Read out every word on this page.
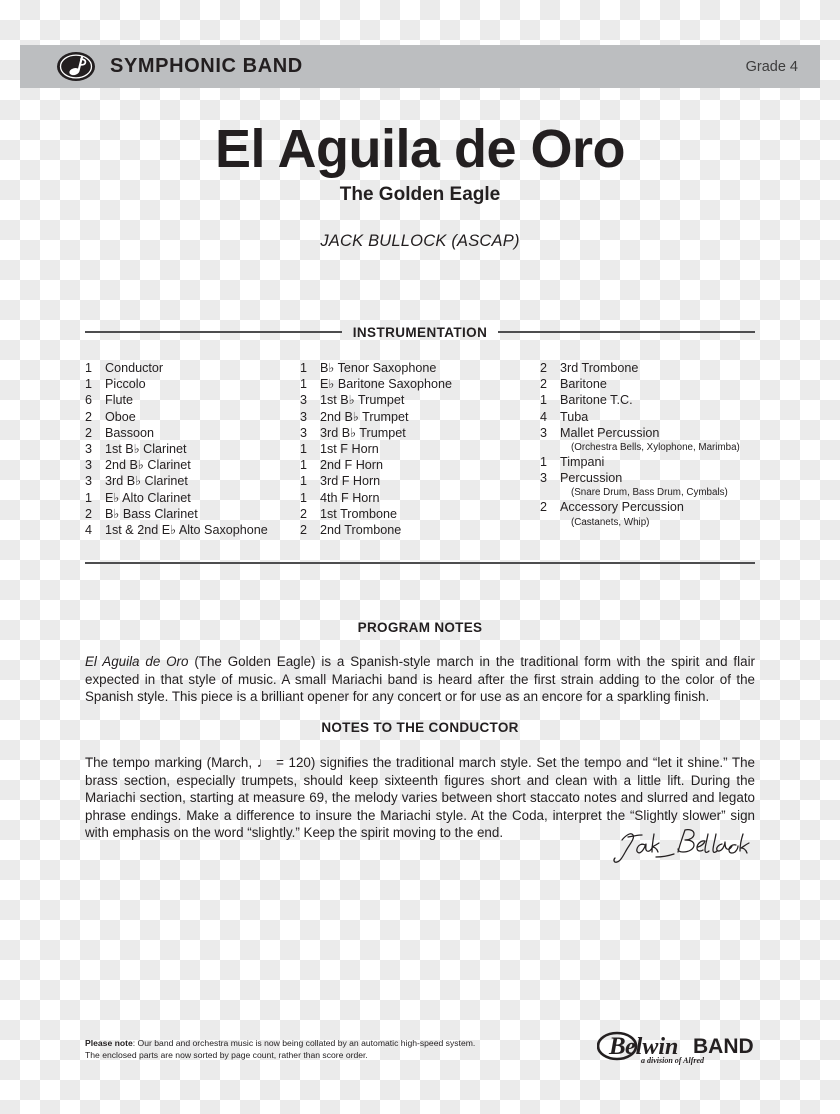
SYMPHONIC BAND	Grade 4
El Aguila de Oro
The Golden Eagle
JACK BULLOCK (ASCAP)
INSTRUMENTATION
1	Conductor
1	Piccolo
6	Flute
2	Oboe
2	Bassoon
3	1st B♭ Clarinet
3	2nd B♭ Clarinet
3	3rd B♭ Clarinet
1	E♭ Alto Clarinet
2	B♭ Bass Clarinet
4	1st & 2nd E♭ Alto Saxophone
1	B♭ Tenor Saxophone
1	E♭ Baritone Saxophone
3	1st B♭ Trumpet
3	2nd B♭ Trumpet
3	3rd B♭ Trumpet
1	1st F Horn
1	2nd F Horn
1	3rd F Horn
1	4th F Horn
2	1st Trombone
2	2nd Trombone
2	3rd Trombone
2	Baritone
1	Baritone T.C.
4	Tuba
3	Mallet Percussion
(Orchestra Bells, Xylophone, Marimba)
1	Timpani
3	Percussion
(Snare Drum, Bass Drum, Cymbals)
2	Accessory Percussion
(Castanets, Whip)
PROGRAM NOTES
El Aguila de Oro (The Golden Eagle) is a Spanish-style march in the traditional form with the spirit and flair expected in that style of music. A small Mariachi band is heard after the first strain adding to the color of the Spanish style. This piece is a brilliant opener for any concert or for use as an encore for a sparkling finish.
NOTES TO THE CONDUCTOR
The tempo marking (March, ♩ = 120) signifies the traditional march style. Set the tempo and “let it shine.” The brass section, especially trumpets, should keep sixteenth figures short and clean with a little lift. During the Mariachi section, starting at measure 69, the melody varies between short staccato notes and slurred and legato phrase endings. Make a difference to insure the Mariachi style. At the Coda, interpret the “Slightly slower” sign with emphasis on the word “slightly.” Keep the spirit moving to the end.
Please note: Our band and orchestra music is now being collated by an automatic high-speed system.
The enclosed parts are now sorted by page count, rather than score order.	B elwin BAND
a division of Alfred
